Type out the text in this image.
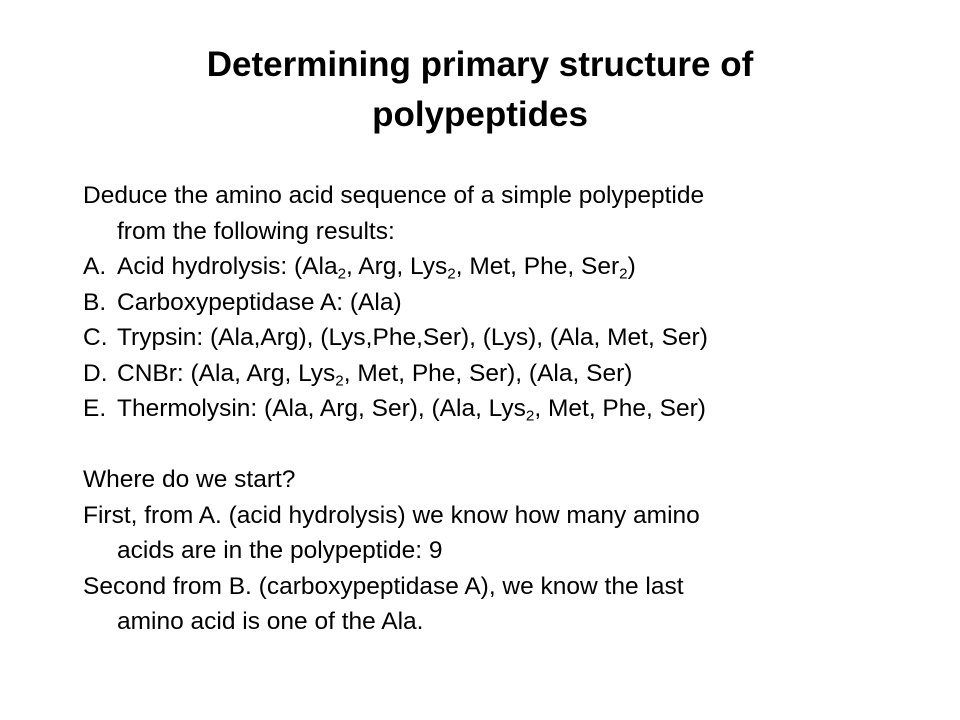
Determining primary structure of
polypeptides

Deduce the amino acid sequence of a simple polypeptide
from the following results:

A. Acid hydrolysis: (Ala$_2$, Arg, Lys$_2$, Met, Phe, Ser$_2$)
B. Carboxypeptidase A: (Ala)
C. Trypsin: (Ala,Arg), (Lys,Phe,Ser), (Lys), (Ala, Met, Ser)
D. CNBr: (Ala, Arg, Lys$_2$, Met, Phe, Ser), (Ala, Ser)
E. Thermolysin: (Ala, Arg, Ser), (Ala, Lys$_2$, Met, Phe, Ser)

Where do we start?

First, from A. (acid hydrolysis) we know how many amino
acids are in the polypeptide: 9

Second from B. (carboxypeptidase A), we know the last
amino acid is one of the Ala.
